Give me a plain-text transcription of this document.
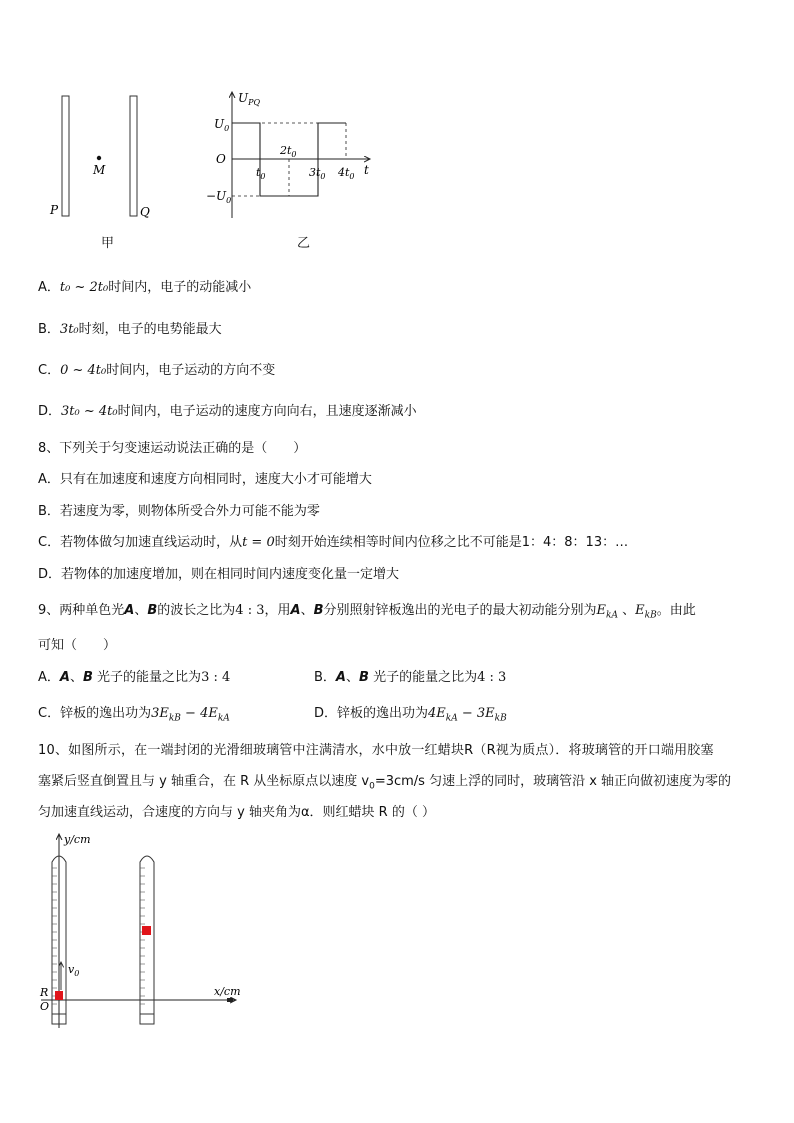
M
P	Q
甲
$U_{PQ}$
t
O
$U_0$
$-U_0$
$t_0$
$2t_0$
$3t_0$ $4t_0$
乙
A．t₀ ~ 2t₀时间内，电子的动能减小
B．3t₀时刻，电子的电势能最大
C．0 ~ 4t₀时间内，电子运动的方向不变
D．3t₀ ~ 4t₀时间内，电子运动的速度方向向右，且速度逐渐减小
8、下列关于匀变速运动说法正确的是（　　）
A．只有在加速度和速度方向相同时，速度大小才可能增大
B．若速度为零，则物体所受合外力可能不能为零
C．若物体做匀加速直线运动时，从t = 0时刻开始连续相等时间内位移之比不可能是1：4：8：13：…
D．若物体的加速度增加，则在相同时间内速度变化量一定增大
9、两种单色光A、B的波长之比为4 : 3，用A、B分别照射锌板逸出的光电子的最大初动能分别为$E_{kA}$ 、$E_{kB}$。由此
可知（　　）
A．A、B 光子的能量之比为3 : 4	B．A、B 光子的能量之比为4 : 3
C．锌板的逸出功为$3E_{kB} - 4E_{kA}$	D．锌板的逸出功为$4E_{kA} - 3E_{kB}$
10、如图所示，在一端封闭的光滑细玻璃管中注满清水，水中放一红蜡块R（R视为质点）．将玻璃管的开口端用胶塞
塞紧后竖直倒置且与 y 轴重合，在 R 从坐标原点以速度 $v_0=3cm/s$ 匀速上浮的同时，玻璃管沿 x 轴正向做初速度为零的
匀加速直线运动，合速度的方向与 y 轴夹角为α．则红蜡块 R 的（ ）
y/cm
x/cm
$v_0$
R
O
